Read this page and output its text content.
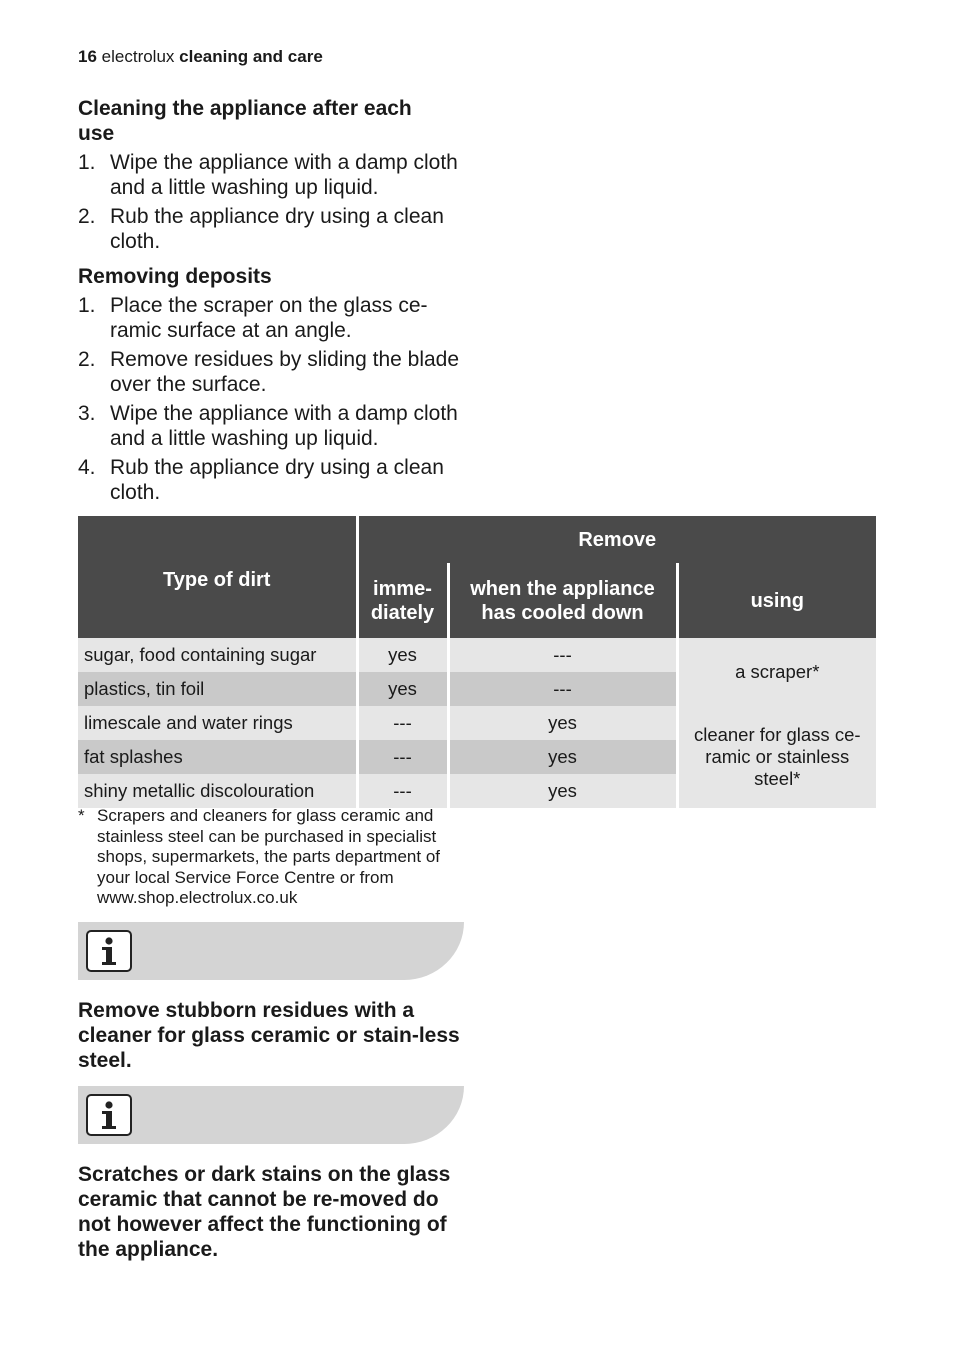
16 electrolux cleaning and care
Cleaning the appliance after each use
1. Wipe the appliance with a damp cloth and a little washing up liquid.
2. Rub the appliance dry using a clean cloth.
Removing deposits
1. Place the scraper on the glass ce-ramic surface at an angle.
2. Remove residues by sliding the blade over the surface.
3. Wipe the appliance with a damp cloth and a little washing up liquid.
4. Rub the appliance dry using a clean cloth.
Type of dirt	Remove		
	imme-diately	when the appliance has cooled down	using
sugar, food containing sugar	yes	---	a scraper*
plastics, tin foil	yes	---	
limescale and water rings	---	yes	cleaner for glass ce-ramic or stainless steel*
fat splashes	---	yes	
shiny metallic discolouration	---	yes	
* Scrapers and cleaners for glass ceramic and stainless steel can be purchased in specialist shops, supermarkets, the parts department of your local Service Force Centre or from www.shop.electrolux.co.uk
Remove stubborn residues with a cleaner for glass ceramic or stain-less steel.
Scratches or dark stains on the glass ceramic that cannot be re-moved do not however affect the functioning of the appliance.
